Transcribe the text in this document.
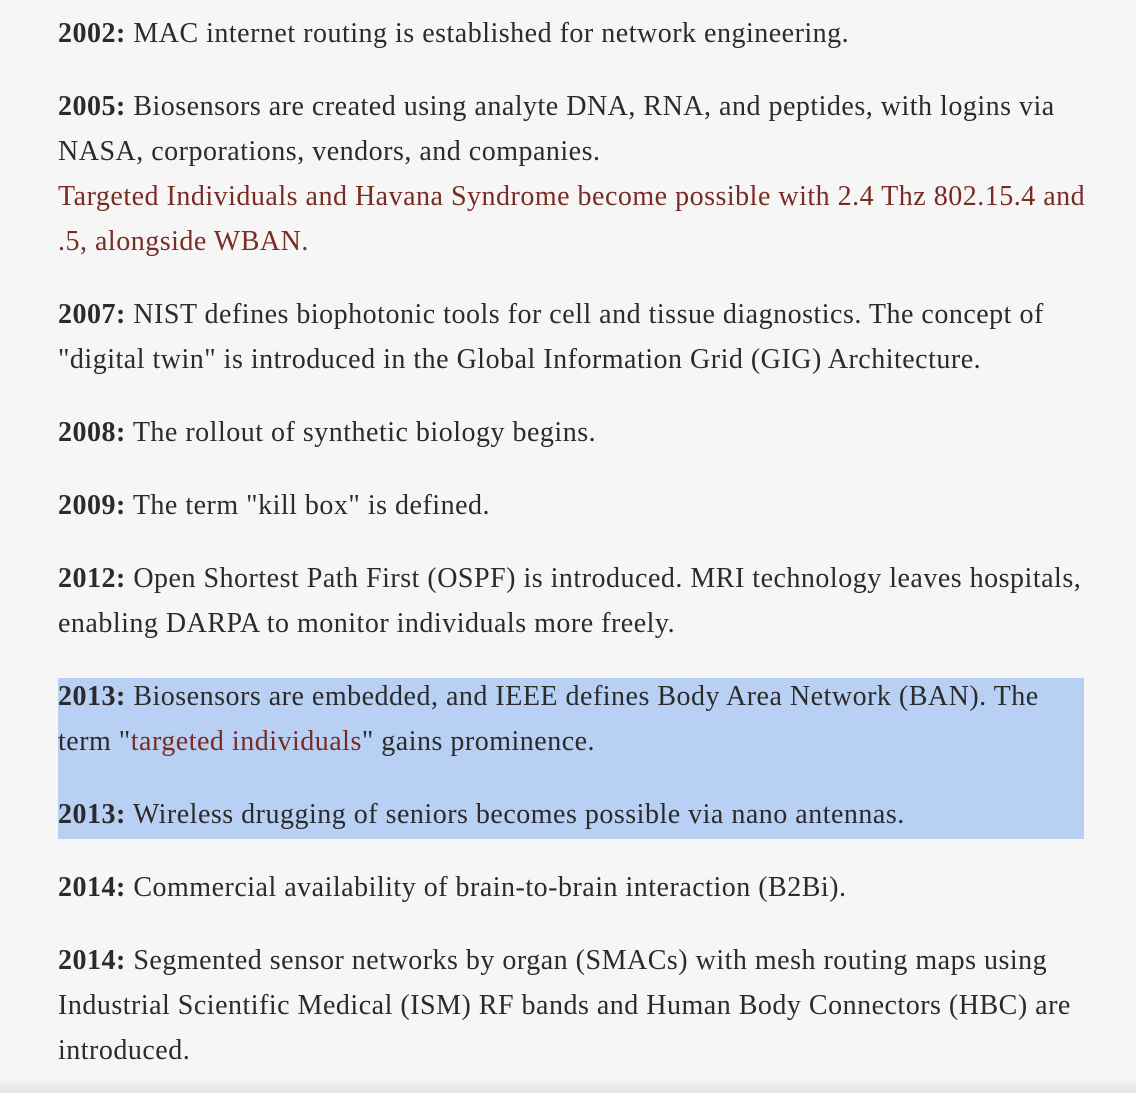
2002: MAC internet routing is established for network engineering.

2005: Biosensors are created using analyte DNA, RNA, and peptides, with logins via NASA, corporations, vendors, and companies.
Targeted Individuals and Havana Syndrome become possible with 2.4 Thz 802.15.4 and .5, alongside WBAN.

2007: NIST defines biophotonic tools for cell and tissue diagnostics. The concept of "digital twin" is introduced in the Global Information Grid (GIG) Architecture.

2008: The rollout of synthetic biology begins.

2009: The term "kill box" is defined.

2012: Open Shortest Path First (OSPF) is introduced. MRI technology leaves hospitals, enabling DARPA to monitor individuals more freely.

2013: Biosensors are embedded, and IEEE defines Body Area Network (BAN). The term "targeted individuals" gains prominence.

2013: Wireless drugging of seniors becomes possible via nano antennas.

2014: Commercial availability of brain-to-brain interaction (B2Bi).

2014: Segmented sensor networks by organ (SMACs) with mesh routing maps using Industrial Scientific Medical (ISM) RF bands and Human Body Connectors (HBC) are introduced.
